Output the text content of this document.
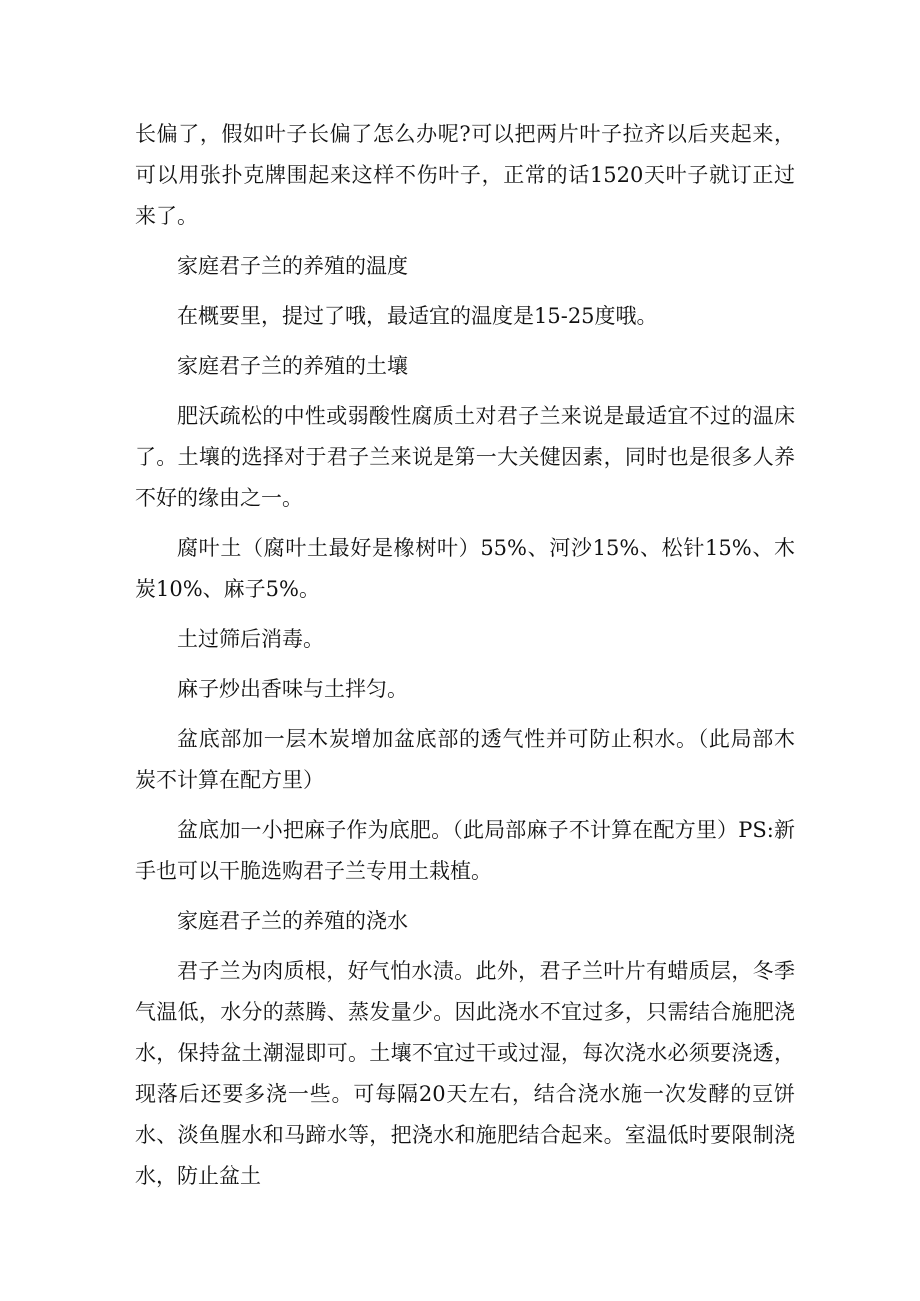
长偏了，假如叶子长偏了怎么办呢?可以把两片叶子拉齐以后夹起来，可以用张扑克牌围起来这样不伤叶子，正常的话1520天叶子就订正过来了。

家庭君子兰的养殖的温度

在概要里，提过了哦，最适宜的温度是15-25度哦。

家庭君子兰的养殖的土壤

肥沃疏松的中性或弱酸性腐质土对君子兰来说是最适宜不过的温床了。土壤的选择对于君子兰来说是第一大关健因素，同时也是很多人养不好的缘由之一。

腐叶土（腐叶土最好是橡树叶）55%、河沙15%、松针15%、木炭10%、麻子5%。

土过筛后消毒。

麻子炒出香味与土拌匀。

盆底部加一层木炭增加盆底部的透气性并可防止积水。（此局部木炭不计算在配方里）

盆底加一小把麻子作为底肥。（此局部麻子不计算在配方里）PS:新手也可以干脆选购君子兰专用土栽植。

家庭君子兰的养殖的浇水

君子兰为肉质根，好气怕水渍。此外，君子兰叶片有蜡质层，冬季气温低，水分的蒸腾、蒸发量少。因此浇水不宜过多，只需结合施肥浇水，保持盆土潮湿即可。土壤不宜过干或过湿，每次浇水必须要浇透，现落后还要多浇一些。可每隔20天左右，结合浇水施一次发酵的豆饼水、淡鱼腥水和马蹄水等，把浇水和施肥结合起来。室温低时要限制浇水，防止盆土
